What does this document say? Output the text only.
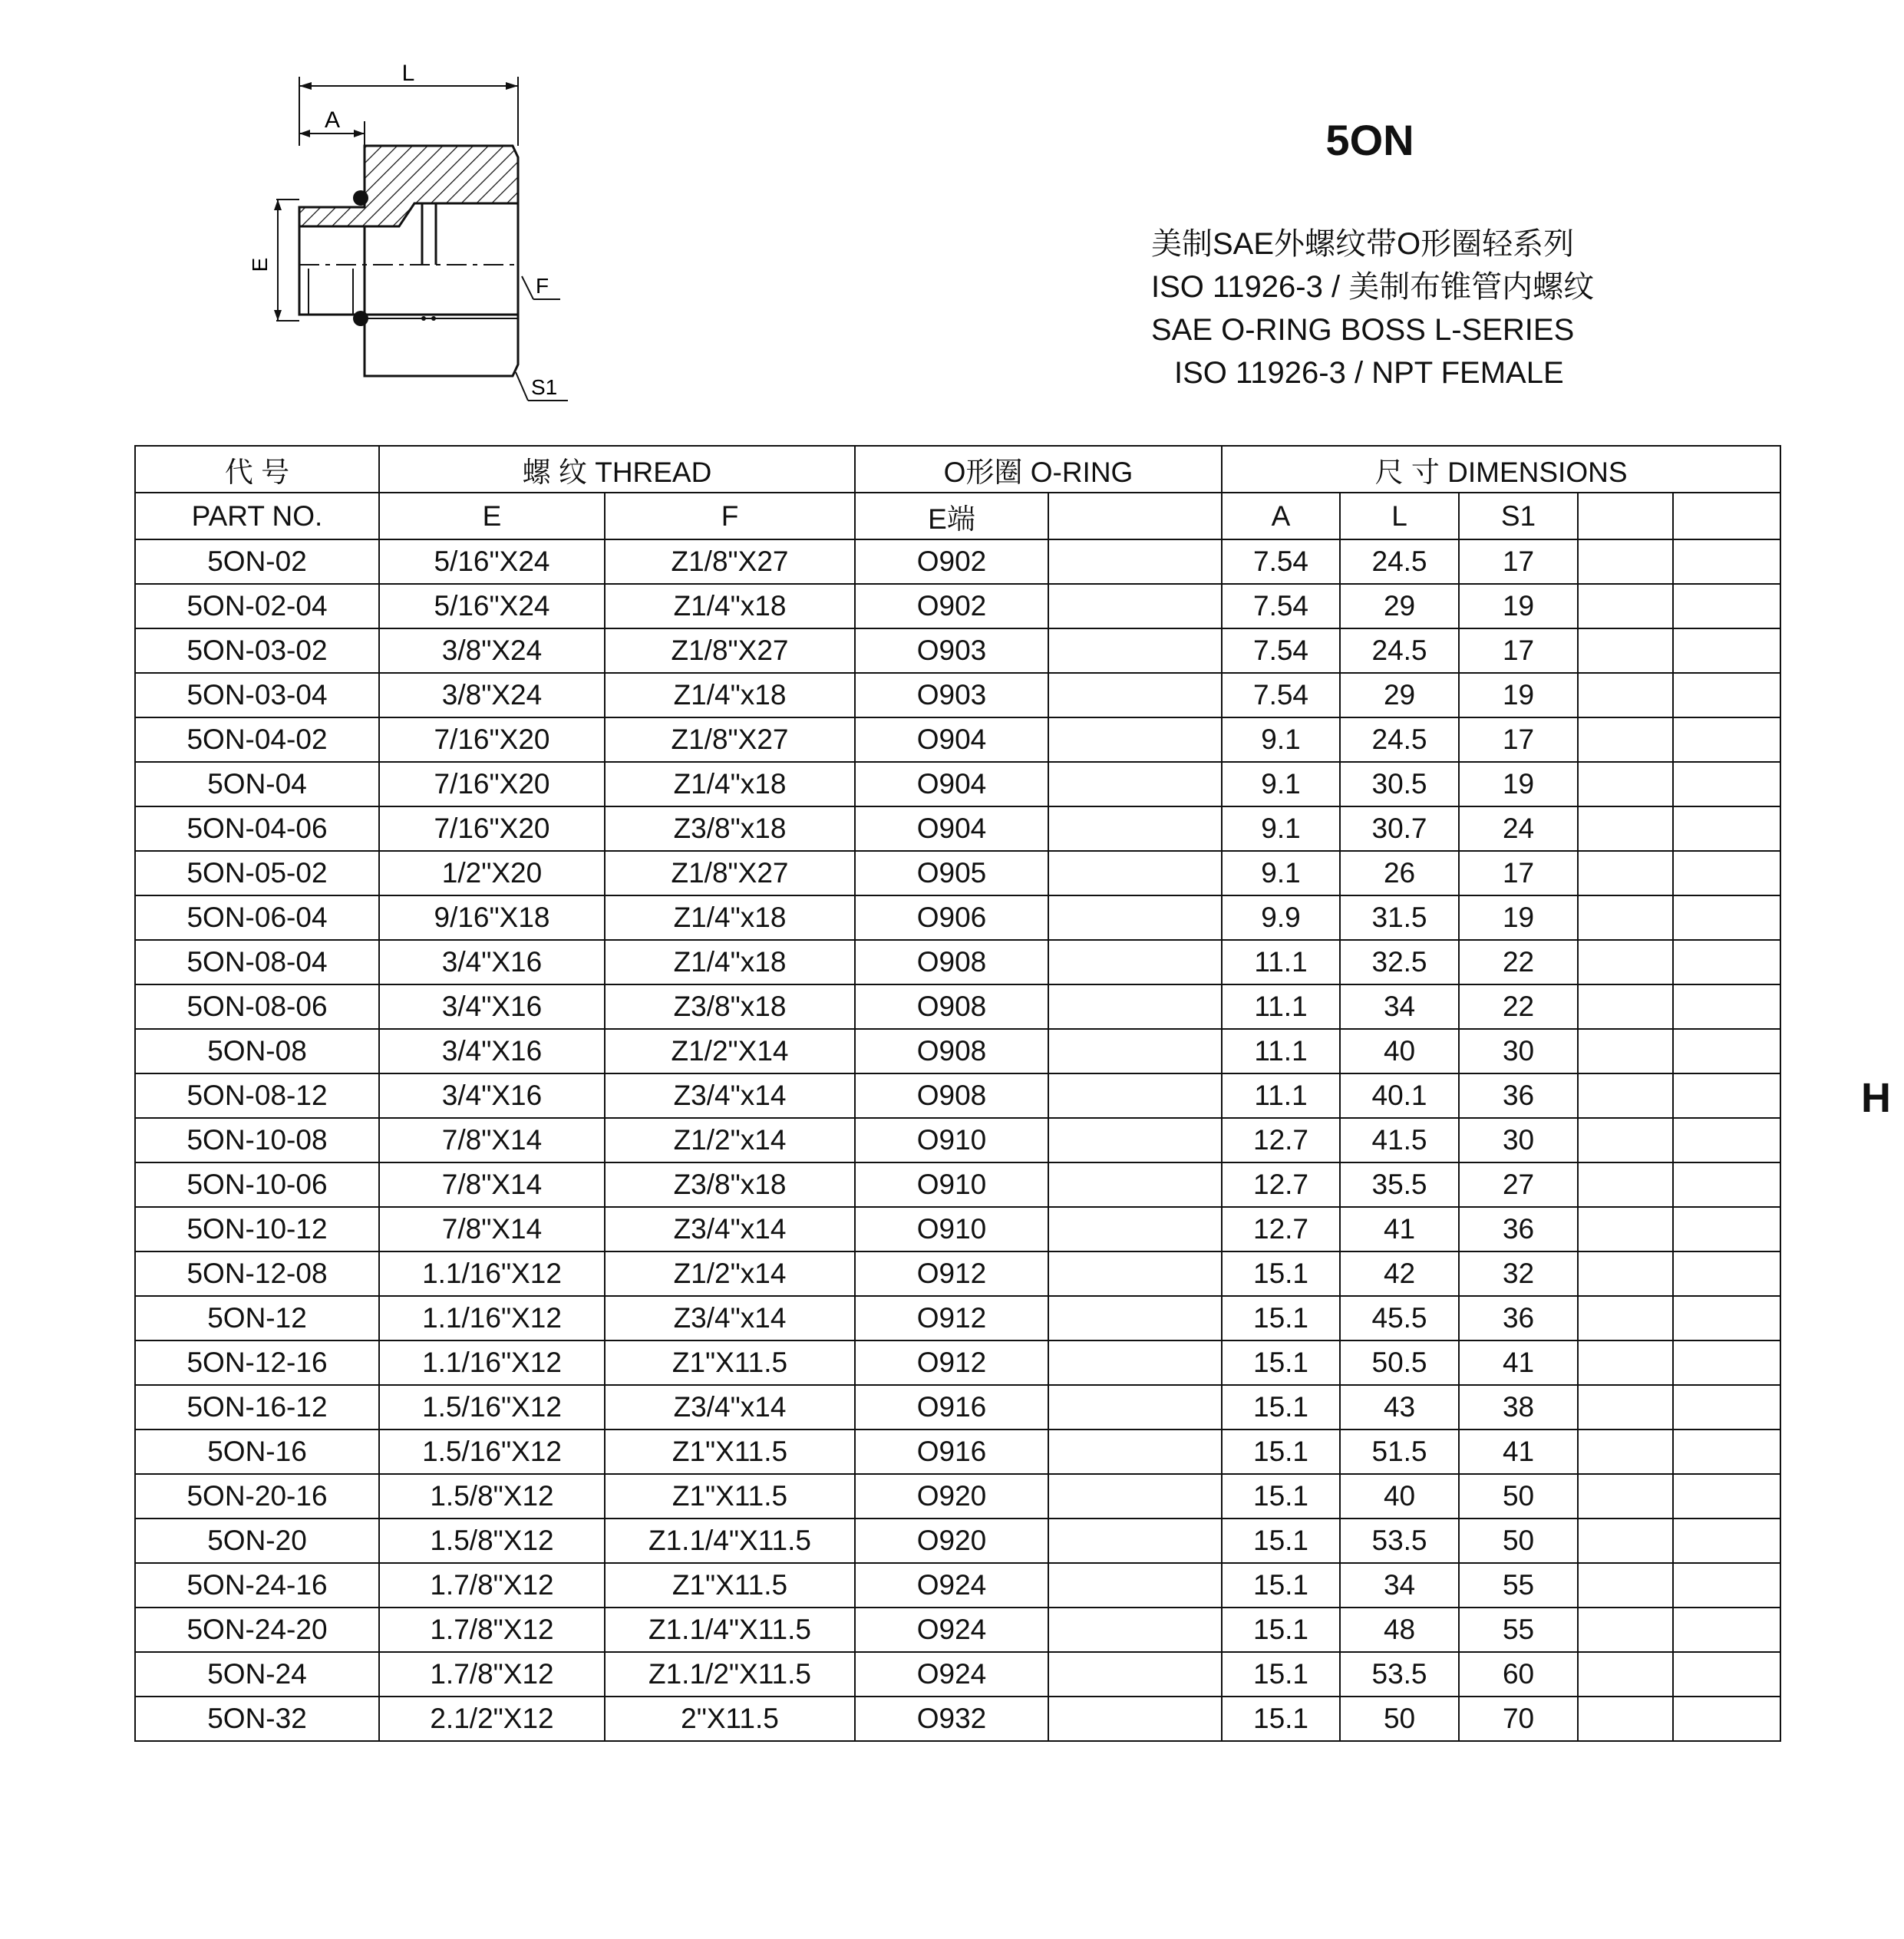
L
A
E
F
S1
5ON
美制SAE外螺纹带O形圈轻系列
ISO 11926-3 / 美制布锥管内螺纹
SAE O-RING BOSS L-SERIES
ISO 11926-3 / NPT FEMALE
H
代 号	螺 纹 THREAD		O形圈 O-RING		尺 寸 DIMENSIONS				
PART NO.	E	F	E端		A	L	S1		
5ON-02	5/16"X24	Z1/8"X27	O902		7.54	24.5	17		
5ON-02-04	5/16"X24	Z1/4"x18	O902		7.54	29	19		
5ON-03-02	3/8"X24	Z1/8"X27	O903		7.54	24.5	17		
5ON-03-04	3/8"X24	Z1/4"x18	O903		7.54	29	19		
5ON-04-02	7/16"X20	Z1/8"X27	O904		9.1	24.5	17		
5ON-04	7/16"X20	Z1/4"x18	O904		9.1	30.5	19		
5ON-04-06	7/16"X20	Z3/8"x18	O904		9.1	30.7	24		
5ON-05-02	1/2"X20	Z1/8"X27	O905		9.1	26	17		
5ON-06-04	9/16"X18	Z1/4"x18	O906		9.9	31.5	19		
5ON-08-04	3/4"X16	Z1/4"x18	O908		11.1	32.5	22		
5ON-08-06	3/4"X16	Z3/8"x18	O908		11.1	34	22		
5ON-08	3/4"X16	Z1/2"X14	O908		11.1	40	30		
5ON-08-12	3/4"X16	Z3/4"x14	O908		11.1	40.1	36		
5ON-10-08	7/8"X14	Z1/2"x14	O910		12.7	41.5	30		
5ON-10-06	7/8"X14	Z3/8"x18	O910		12.7	35.5	27		
5ON-10-12	7/8"X14	Z3/4"x14	O910		12.7	41	36		
5ON-12-08	1.1/16"X12	Z1/2"x14	O912		15.1	42	32		
5ON-12	1.1/16"X12	Z3/4"x14	O912		15.1	45.5	36		
5ON-12-16	1.1/16"X12	Z1"X11.5	O912		15.1	50.5	41		
5ON-16-12	1.5/16"X12	Z3/4"x14	O916		15.1	43	38		
5ON-16	1.5/16"X12	Z1"X11.5	O916		15.1	51.5	41		
5ON-20-16	1.5/8"X12	Z1"X11.5	O920		15.1	40	50		
5ON-20	1.5/8"X12	Z1.1/4"X11.5	O920		15.1	53.5	50		
5ON-24-16	1.7/8"X12	Z1"X11.5	O924		15.1	34	55		
5ON-24-20	1.7/8"X12	Z1.1/4"X11.5	O924		15.1	48	55		
5ON-24	1.7/8"X12	Z1.1/2"X11.5	O924		15.1	53.5	60		
5ON-32	2.1/2"X12	2"X11.5	O932		15.1	50	70		
